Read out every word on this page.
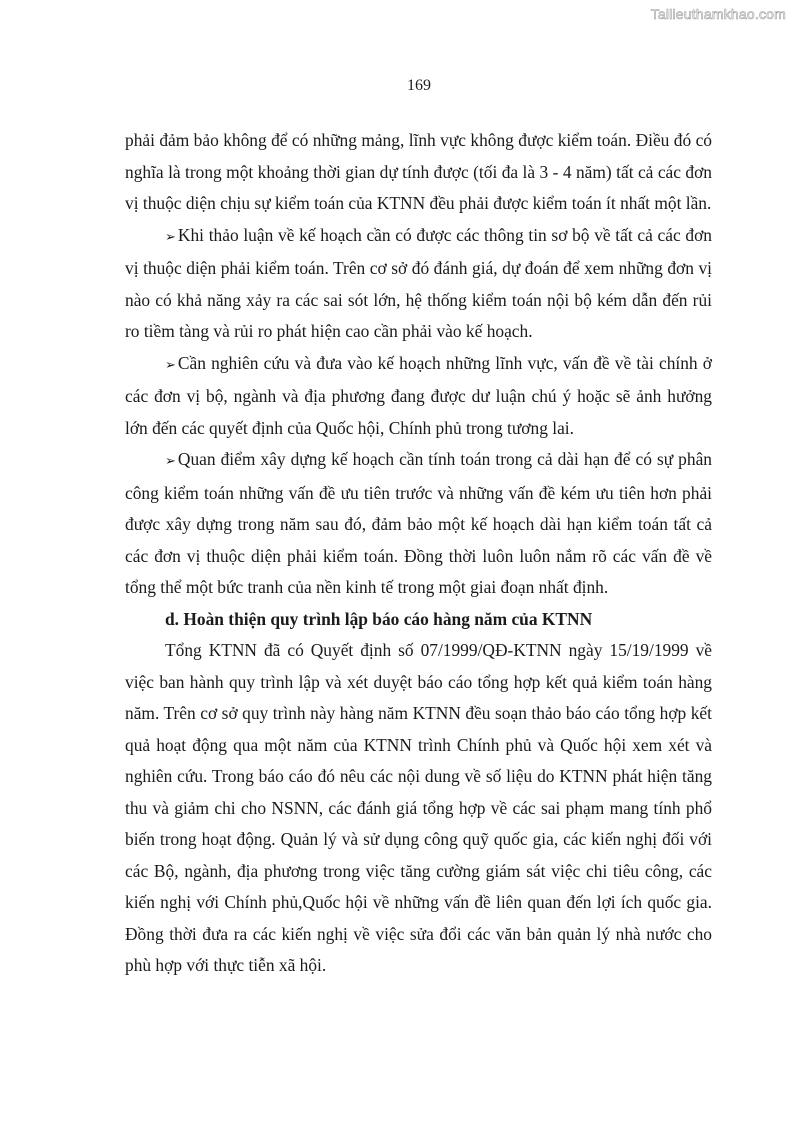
Tailieuthamkhao.com
169

phải đảm bảo không để có những mảng, lĩnh vực không được kiểm toán. Điều đó có nghĩa là trong một khoảng thời gian dự tính được (tối đa là 3 - 4 năm) tất cả các đơn vị thuộc diện chịu sự kiểm toán của KTNN đều phải được kiểm toán ít nhất một lần.

➢ Khi thảo luận về kế hoạch cần có được các thông tin sơ bộ về tất cả các đơn vị thuộc diện phải kiểm toán. Trên cơ sở đó đánh giá, dự đoán để xem những đơn vị nào có khả năng xảy ra các sai sót lớn, hệ thống kiểm toán nội bộ kém dẫn đến rủi ro tiềm tàng và rủi ro phát hiện cao cần phải vào kế hoạch.

➢ Cần nghiên cứu và đưa vào kế hoạch những lĩnh vực, vấn đề về tài chính ở các đơn vị bộ, ngành và địa phương đang được dư luận chú ý hoặc sẽ ảnh hưởng lớn đến các quyết định của Quốc hội, Chính phủ trong tương lai.

➢ Quan điểm xây dựng kế hoạch cần tính toán trong cả dài hạn để có sự phân công kiểm toán những vấn đề ưu tiên trước và những vấn đề kém ưu tiên hơn phải được xây dựng trong năm sau đó, đảm bảo một kế hoạch dài hạn kiểm toán tất cả các đơn vị thuộc diện phải kiểm toán. Đồng thời luôn luôn nắm rõ các vấn đề về tổng thể một bức tranh của nền kinh tế trong một giai đoạn nhất định.

d. Hoàn thiện quy trình lập báo cáo hàng năm của KTNN

Tổng KTNN đã có Quyết định số 07/1999/QĐ-KTNN ngày 15/19/1999 về việc ban hành quy trình lập và xét duyệt báo cáo tổng hợp kết quả kiểm toán hàng năm. Trên cơ sở quy trình này hàng năm KTNN đều soạn thảo báo cáo tổng hợp kết quả hoạt động qua một năm của KTNN trình Chính phủ và Quốc hội xem xét và nghiên cứu. Trong báo cáo đó nêu các nội dung về số liệu do KTNN phát hiện tăng thu và giảm chi cho NSNN, các đánh giá tổng hợp về các sai phạm mang tính phổ biến trong hoạt động. Quản lý và sử dụng công quỹ quốc gia, các kiến nghị đối với các Bộ, ngành, địa phương trong việc tăng cường giám sát việc chi tiêu công, các kiến nghị với Chính phủ,Quốc hội về những vấn đề liên quan đến lợi ích quốc gia. Đồng thời đưa ra các kiến nghị về việc sửa đổi các văn bản quản lý nhà nước cho phù hợp với thực tiễn xã hội.
